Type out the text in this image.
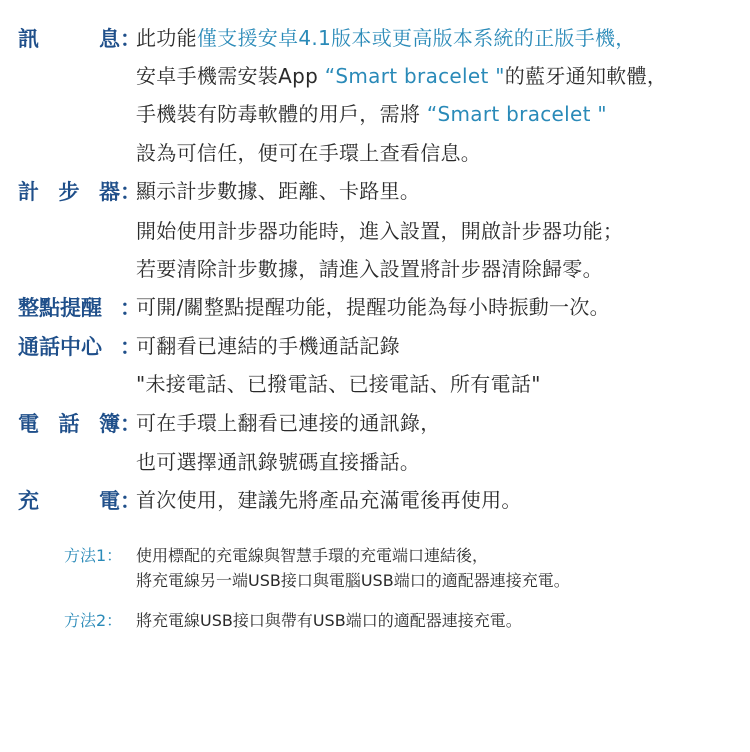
訊	息 ：
此功能僅支援安卓4.1版本或更高版本系統的正版手機，
安卓手機需安裝App “Smart bracelet "的藍牙通知軟體，
手機裝有防毒軟體的用戶，需將 “Smart bracelet "
設為可信任，便可在手環上查看信息。
計 步 器 ：
顯示計步數據、距離、卡路里。
開始使用計步器功能時，進入設置，開啟計步器功能；
若要清除計步數據，請進入設置將計步器清除歸零。
整點提醒 ：
可開/關整點提醒功能，提醒功能為每小時振動一次。
通話中心 ：
可翻看已連結的手機通話記錄
"未接電話、已撥電話、已接電話、所有電話"
電 話 簿 ：
可在手環上翻看已連接的通訊錄，
也可選擇通訊錄號碼直接播話。
充	電 ：
首次使用，建議先將產品充滿電後再使用。
方法1： 使用標配的充電線與智慧手環的充電端口連結後，
將充電線另一端USB接口與電腦USB端口的適配器連接充電。
方法2： 將充電線USB接口與帶有USB端口的適配器連接充電。
